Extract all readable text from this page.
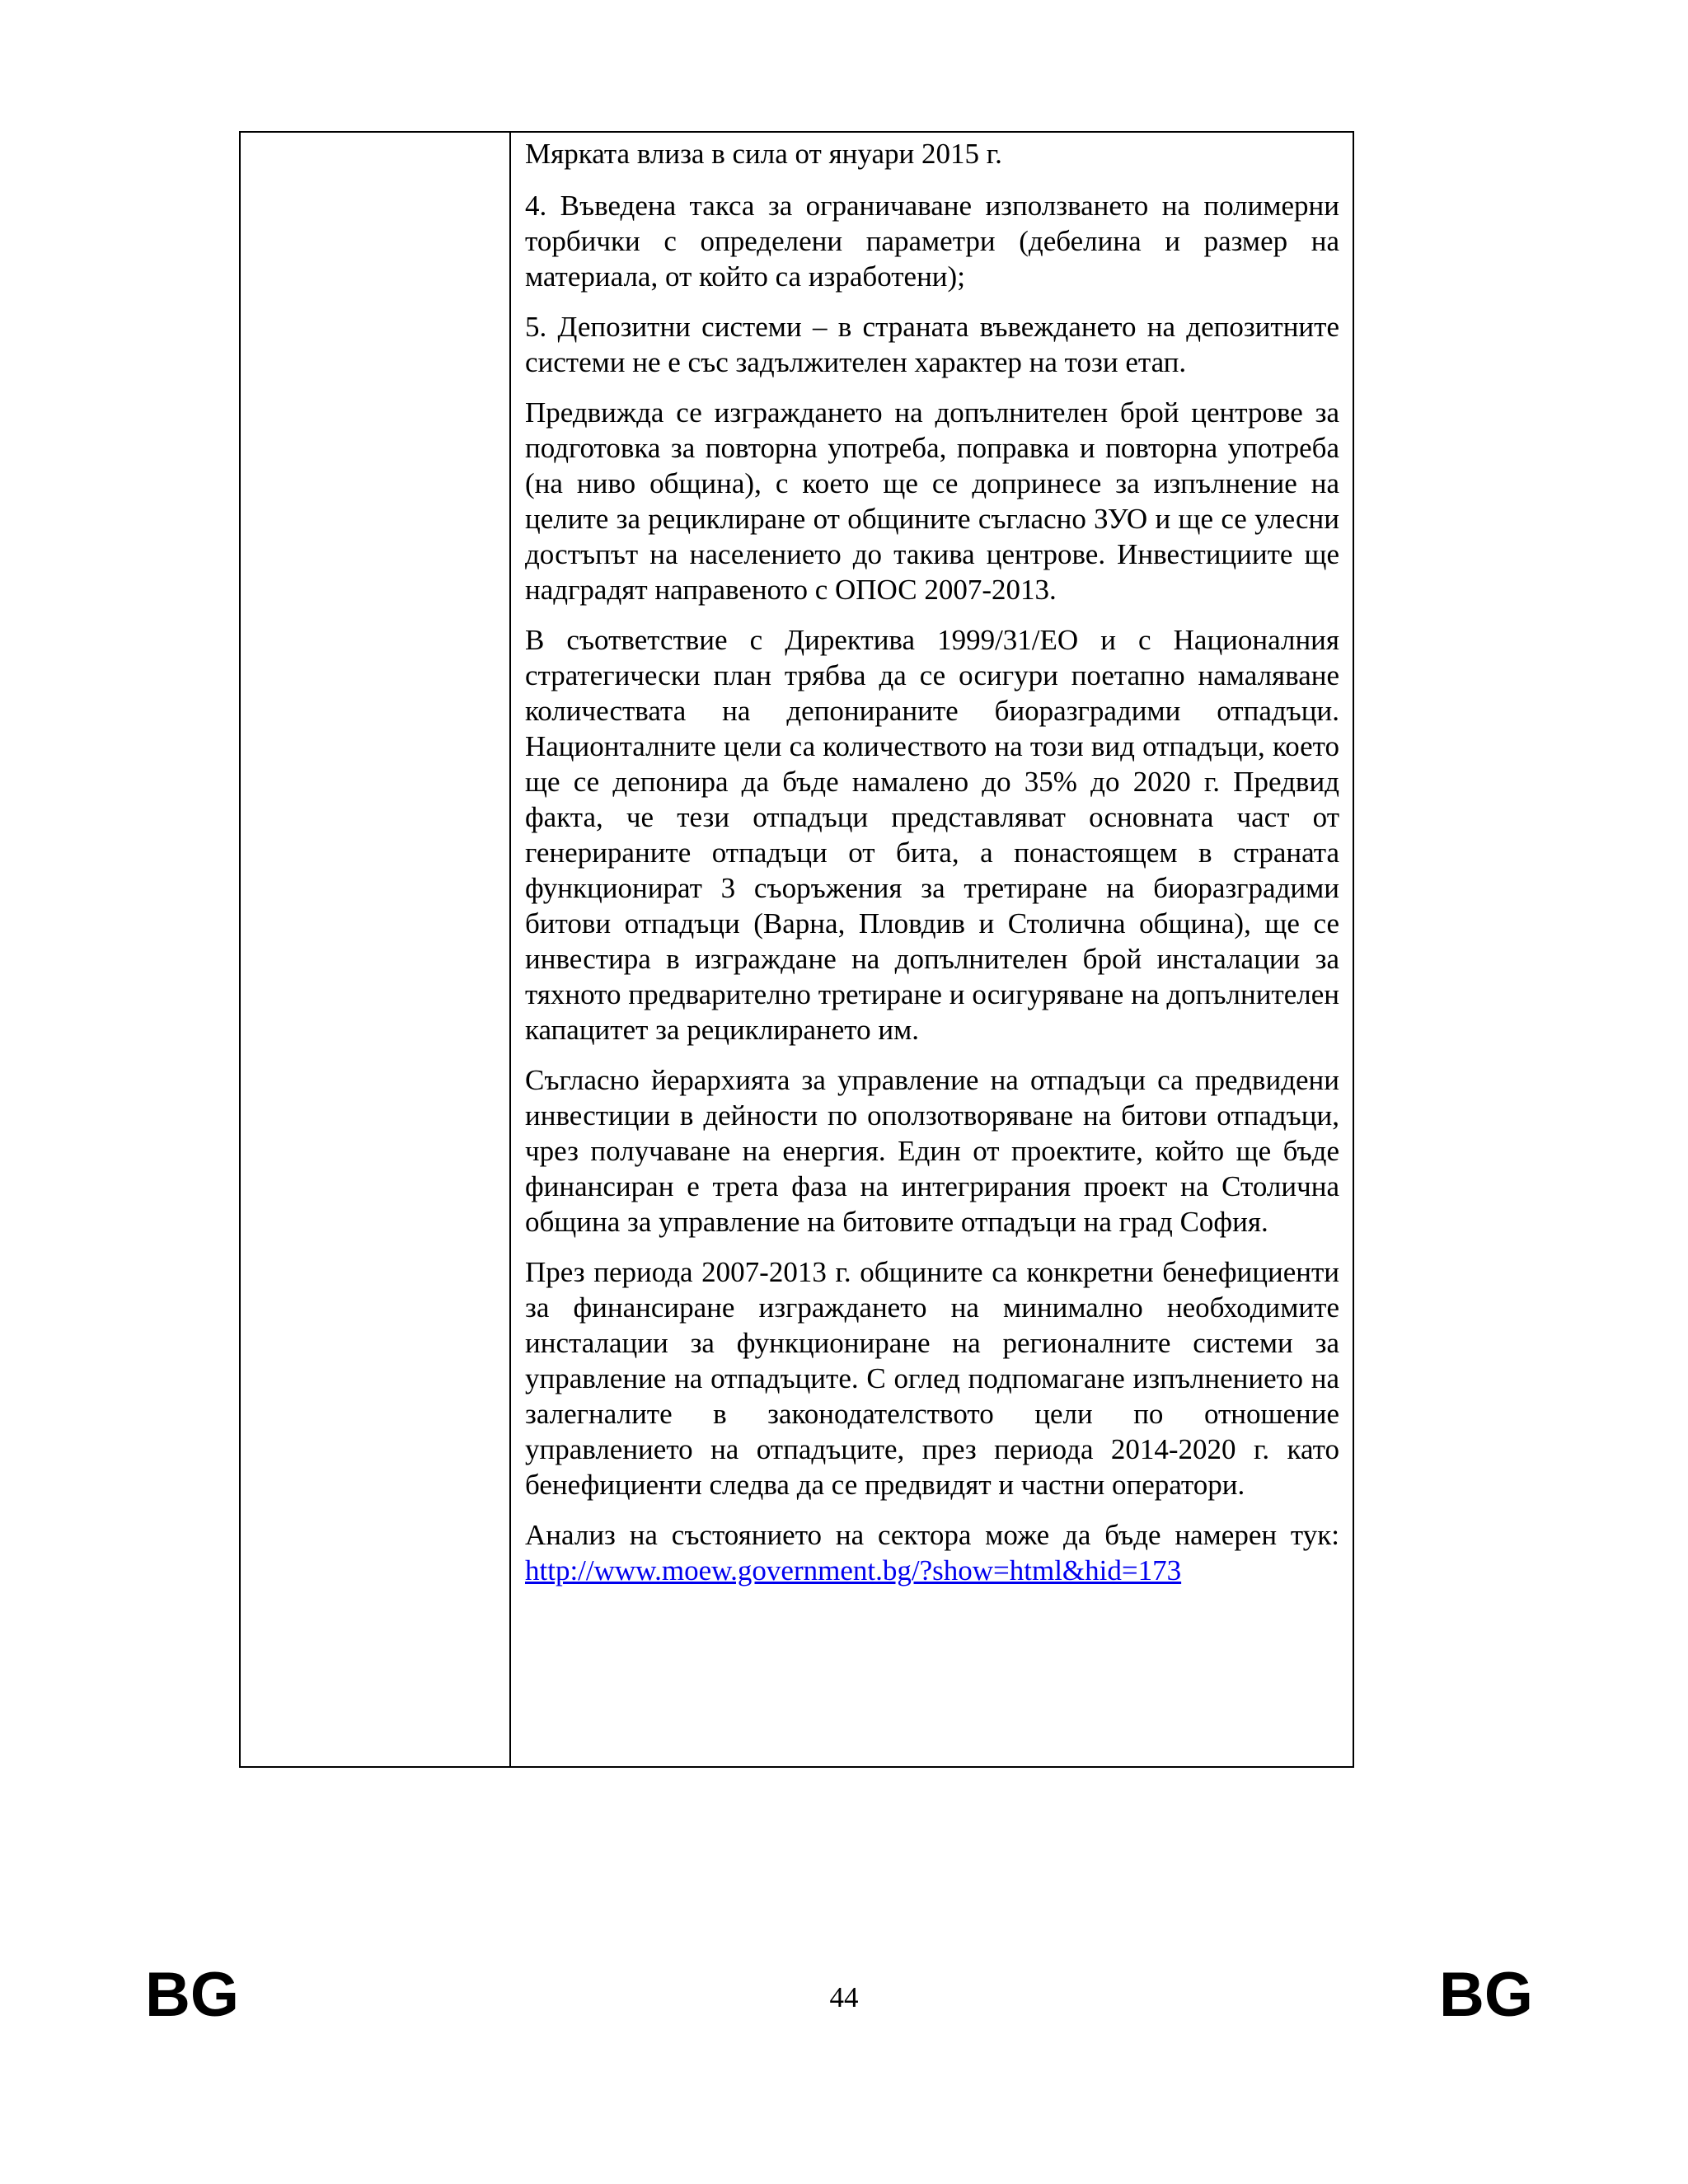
Мярката влиза в сила от януари 2015 г.

4. Въведена такса за ограничаване използването на полимерни торбички с определени параметри (дебелина и размер на материала, от който са изработени);

5. Депозитни системи – в страната въвеждането на депозитните системи не е със задължителен характер на този етап.

Предвижда се изграждането на допълнителен брой центрове за подготовка за повторна употреба, поправка и повторна употреба (на ниво община), с което ще се допринесе за изпълнение на целите за рециклиране от общините съгласно ЗУО и ще се улесни достъпът на населението до такива центрове. Инвестициите ще надградят направеното с ОПОС 2007-2013.

В съответствие с Директива 1999/31/ЕО и с Националния стратегически план трябва да се осигури поетапно намаляване количествата на депонираните биоразградими отпадъци. Национталните цели са количеството на този вид отпадъци, което ще се депонира да бъде намалено до 35% до 2020 г. Предвид факта, че тези отпадъци представляват основната част от генерираните отпадъци от бита, а понастоящем в страната функционират 3 съоръжения за третиране на биоразградими битови отпадъци (Варна, Пловдив и Столична община), ще се инвестира в изграждане на допълнителен брой инсталации за тяхното предварително третиране и осигуряване на допълнителен капацитет за рециклирането им.

Съгласно йерархията за управление на отпадъци са предвидени инвестиции в дейности по оползотворяване на битови отпадъци, чрез получаване на енергия. Един от проектите, който ще бъде финансиран е трета фаза на интегрирания проект на Столична община за управление на битовите отпадъци на град София.

През периода 2007-2013 г. общините са конкретни бенефициенти за финансиране изграждането на минимално необходимите инсталации за функциониране на регионалните системи за управление на отпадъците. С оглед подпомагане изпълнението на залегналите в законодателството цели по отношение управлението на отпадъците, през периода 2014-2020 г. като бенефициенти следва да се предвидят и частни оператори.

Анализ на състоянието на сектора може да бъде намерен тук: http://www.moew.government.bg/?show=html&hid=173

BG	44	BG
